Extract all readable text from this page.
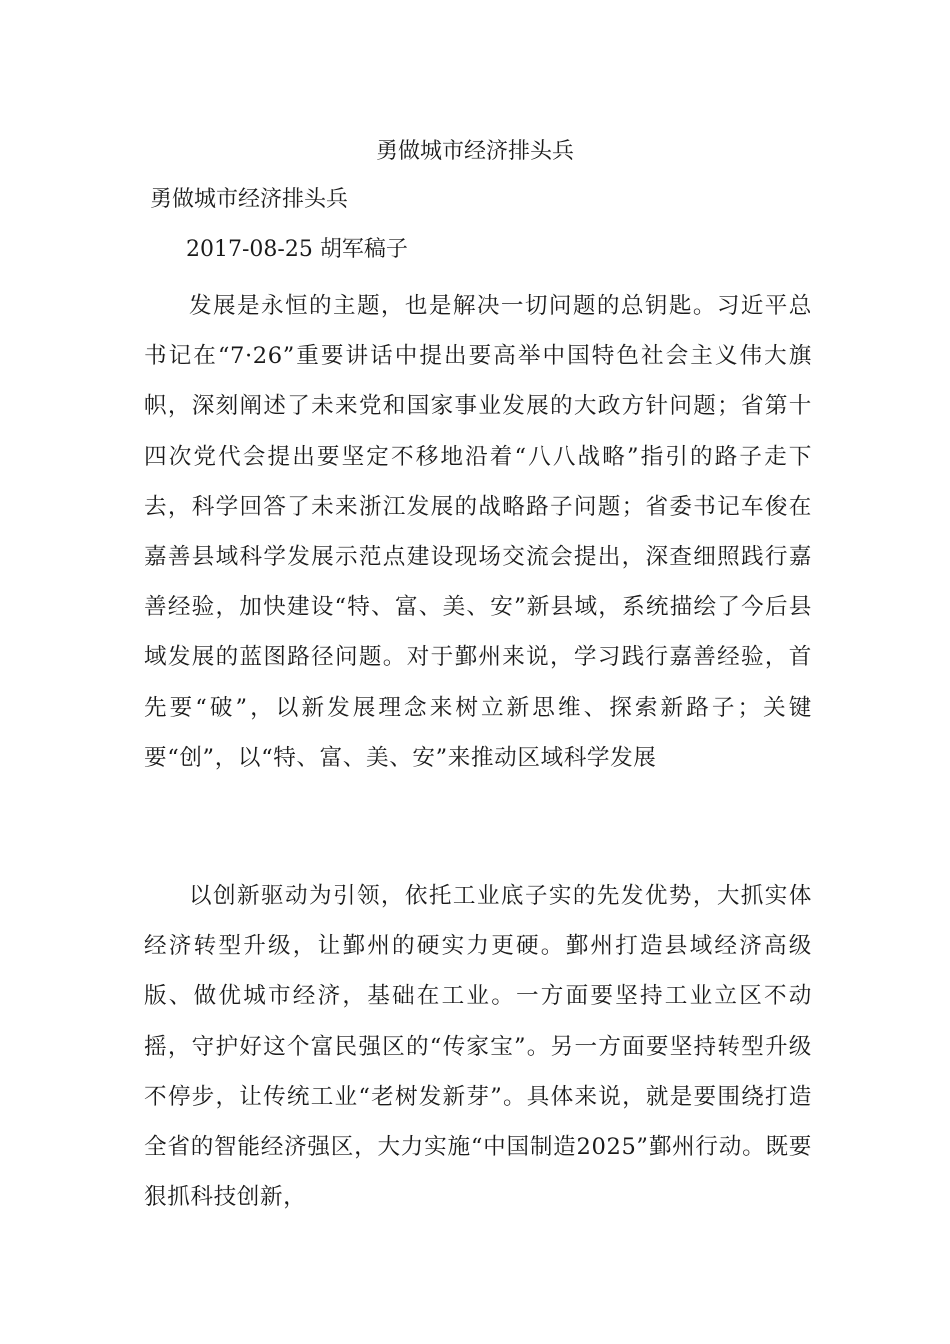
勇做城市经济排头兵

勇做城市经济排头兵

2017-08-25 胡军稿子

发展是永恒的主题，也是解决一切问题的总钥匙。习近平总书记在“7·26”重要讲话中提出要高举中国特色社会主义伟大旗帜，深刻阐述了未来党和国家事业发展的大政方针问题；省第十四次党代会提出要坚定不移地沿着“八八战略”指引的路子走下去，科学回答了未来浙江发展的战略路子问题；省委书记车俊在嘉善县域科学发展示范点建设现场交流会提出，深查细照践行嘉善经验，加快建设“特、富、美、安”新县域，系统描绘了今后县域发展的蓝图路径问题。对于鄞州来说，学习践行嘉善经验，首先要“破”，以新发展理念来树立新思维、探索新路子；关键要“创”，以“特、富、美、安”来推动区域科学发展

以创新驱动为引领，依托工业底子实的先发优势，大抓实体经济转型升级，让鄞州的硬实力更硬。鄞州打造县域经济高级版、做优城市经济，基础在工业。一方面要坚持工业立区不动摇，守护好这个富民强区的“传家宝”。另一方面要坚持转型升级不停步，让传统工业“老树发新芽”。具体来说，就是要围绕打造全省的智能经济强区，大力实施“中国制造2025”鄞州行动。既要狠抓科技创新，
